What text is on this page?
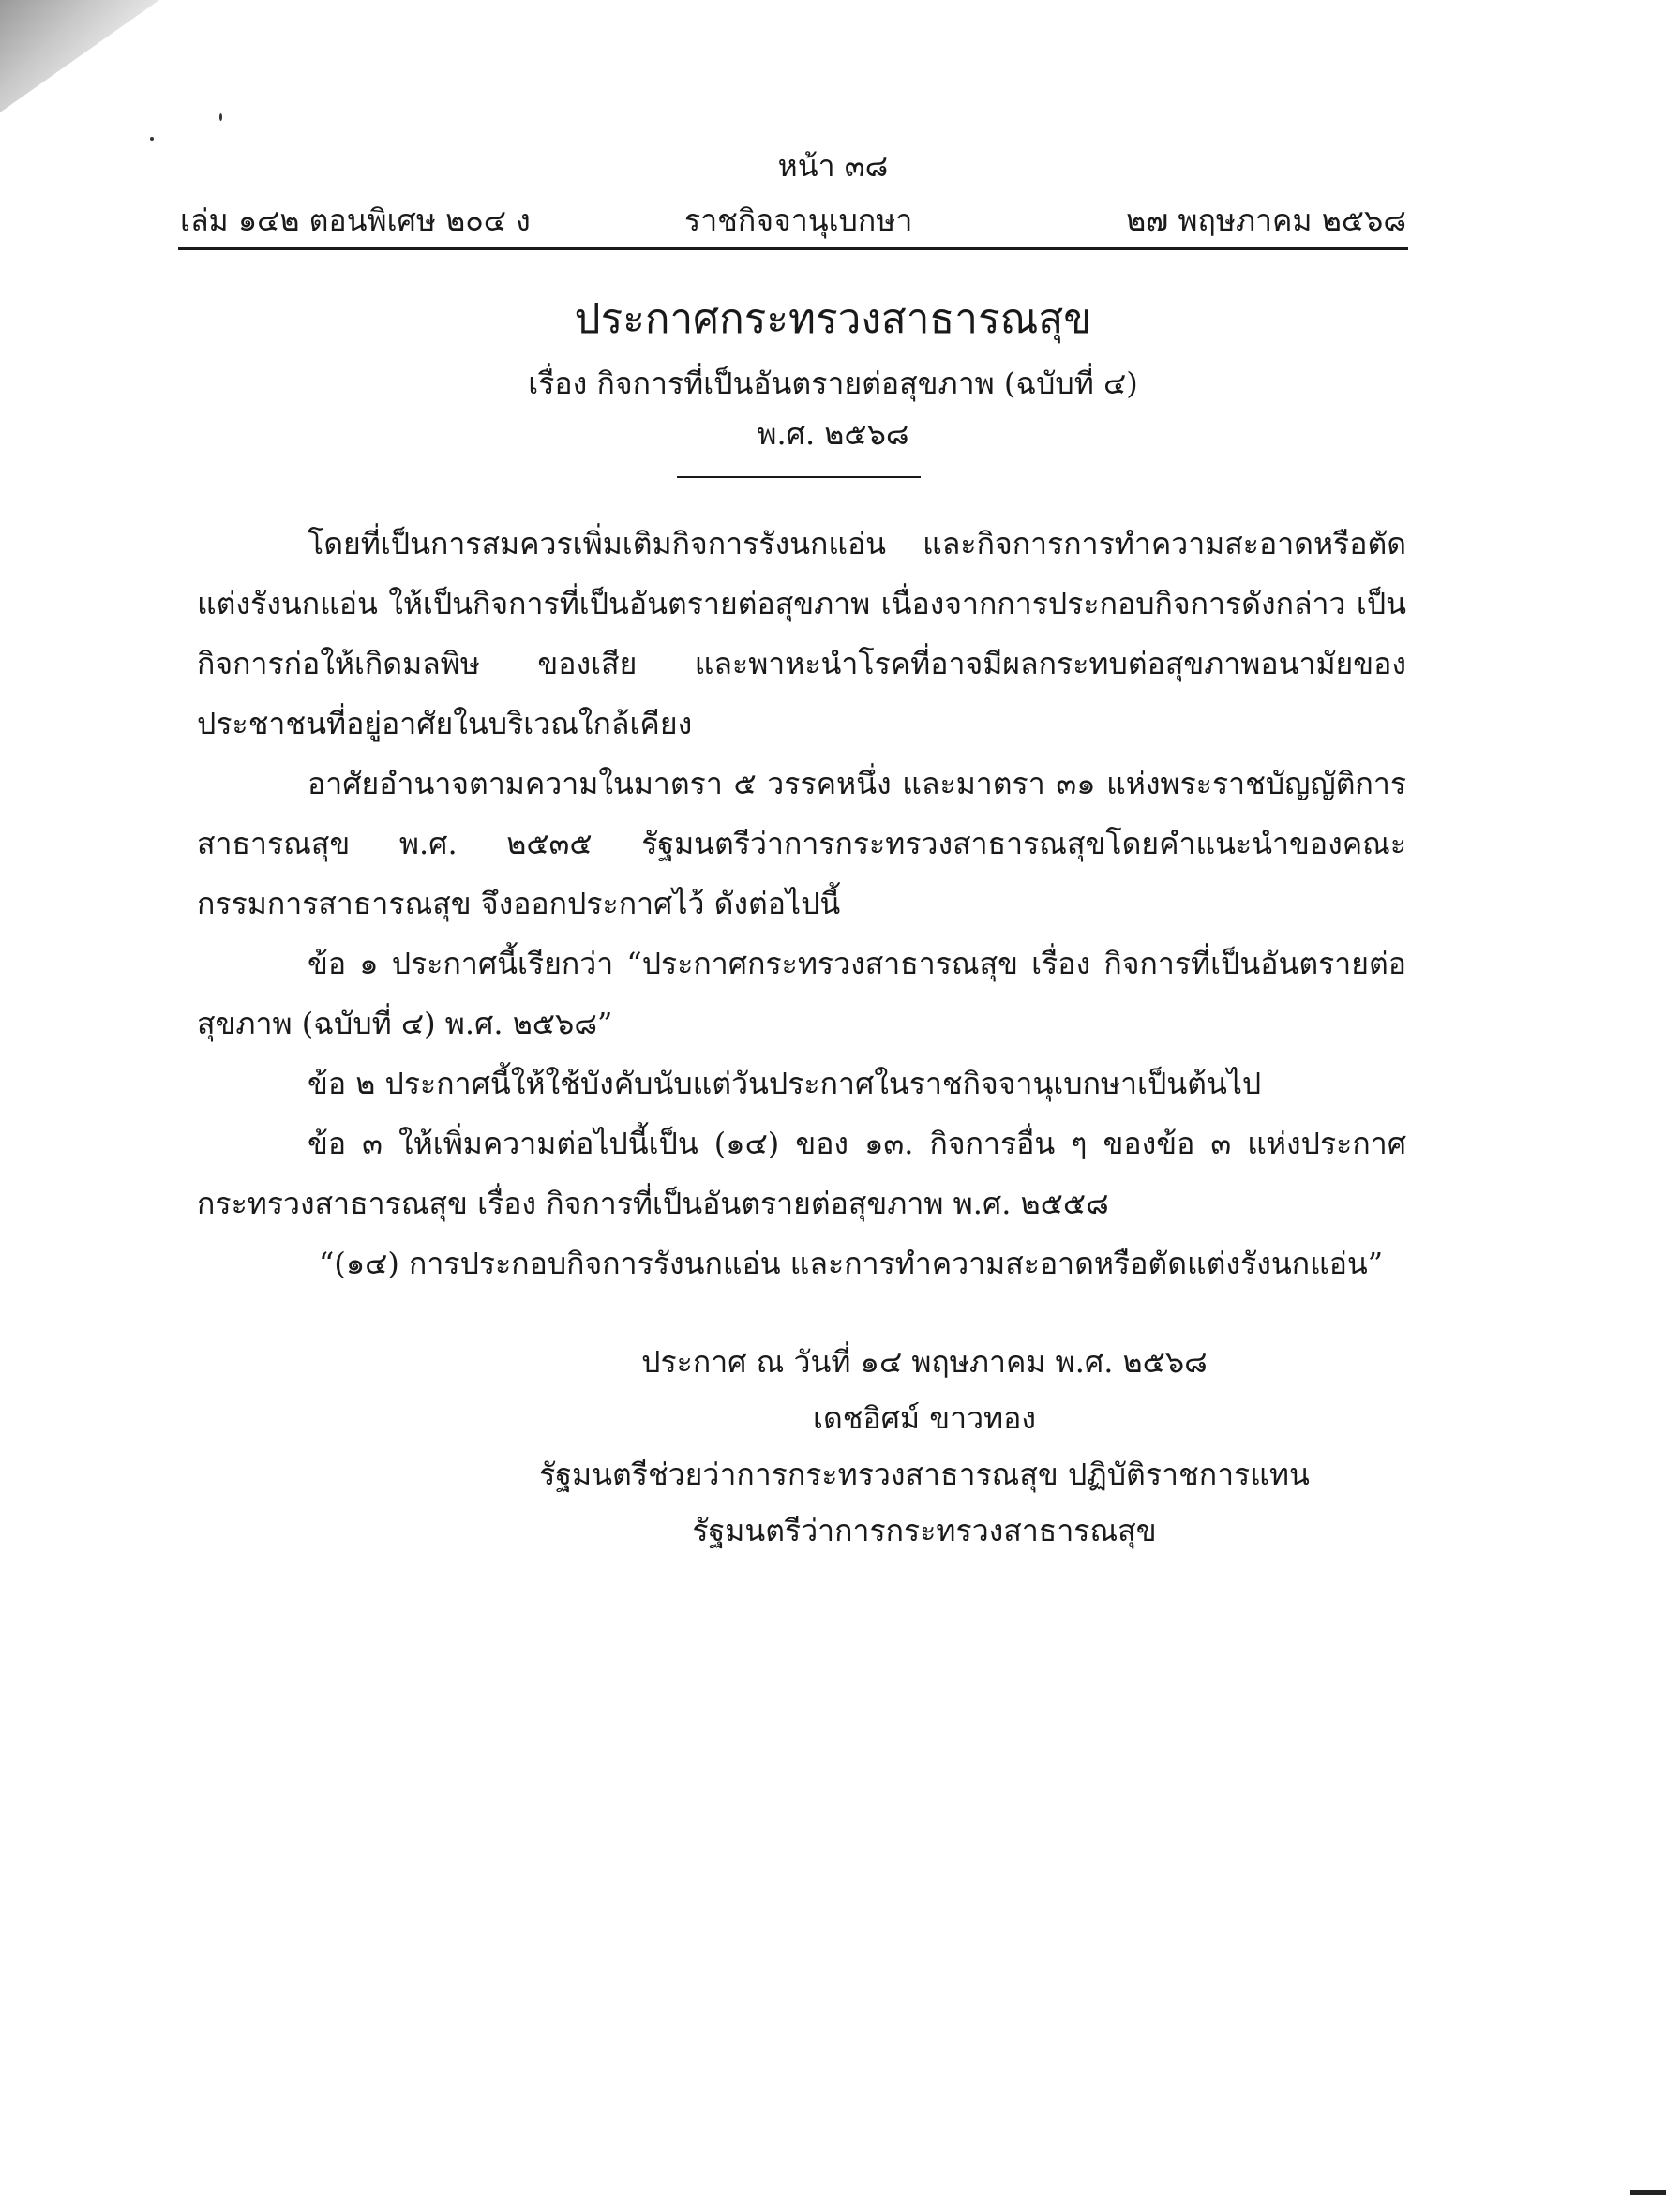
หน้า ๓๘
เล่ม ๑๔๒ ตอนพิเศษ ๒๐๔ ง	ราชกิจจานุเบกษา	๒๗ พฤษภาคม ๒๕๖๘
ประกาศกระทรวงสาธารณสุข
เรื่อง กิจการที่เป็นอันตรายต่อสุขภาพ (ฉบับที่ ๔)
พ.ศ. ๒๕๖๘

โดยที่เป็นการสมควรเพิ่มเติมกิจการรังนกแอ่น และกิจการการทำความสะอาดหรือตัดแต่งรังนกแอ่น ให้เป็นกิจการที่เป็นอันตรายต่อสุขภาพ เนื่องจากการประกอบกิจการดังกล่าว เป็นกิจการก่อให้เกิดมลพิษ ของเสีย และพาหะนำโรคที่อาจมีผลกระทบต่อสุขภาพอนามัยของประชาชนที่อยู่อาศัยในบริเวณใกล้เคียง

อาศัยอำนาจตามความในมาตรา ๕ วรรคหนึ่ง และมาตรา ๓๑ แห่งพระราชบัญญัติการสาธารณสุข พ.ศ. ๒๕๓๕ รัฐมนตรีว่าการกระทรวงสาธารณสุขโดยคำแนะนำของคณะกรรมการสาธารณสุข จึงออกประกาศไว้ ดังต่อไปนี้

ข้อ ๑ ประกาศนี้เรียกว่า “ประกาศกระทรวงสาธารณสุข เรื่อง กิจการที่เป็นอันตรายต่อสุขภาพ (ฉบับที่ ๔) พ.ศ. ๒๕๖๘”

ข้อ ๒ ประกาศนี้ให้ใช้บังคับนับแต่วันประกาศในราชกิจจานุเบกษาเป็นต้นไป

ข้อ ๓ ให้เพิ่มความต่อไปนี้เป็น (๑๔) ของ ๑๓. กิจการอื่น ๆ ของข้อ ๓ แห่งประกาศกระทรวงสาธารณสุข เรื่อง กิจการที่เป็นอันตรายต่อสุขภาพ พ.ศ. ๒๕๕๘

“(๑๔) การประกอบกิจการรังนกแอ่น และการทำความสะอาดหรือตัดแต่งรังนกแอ่น”

ประกาศ ณ วันที่ ๑๔ พฤษภาคม พ.ศ. ๒๕๖๘
เดชอิศม์ ขาวทอง
รัฐมนตรีช่วยว่าการกระทรวงสาธารณสุข ปฏิบัติราชการแทน
รัฐมนตรีว่าการกระทรวงสาธารณสุข
